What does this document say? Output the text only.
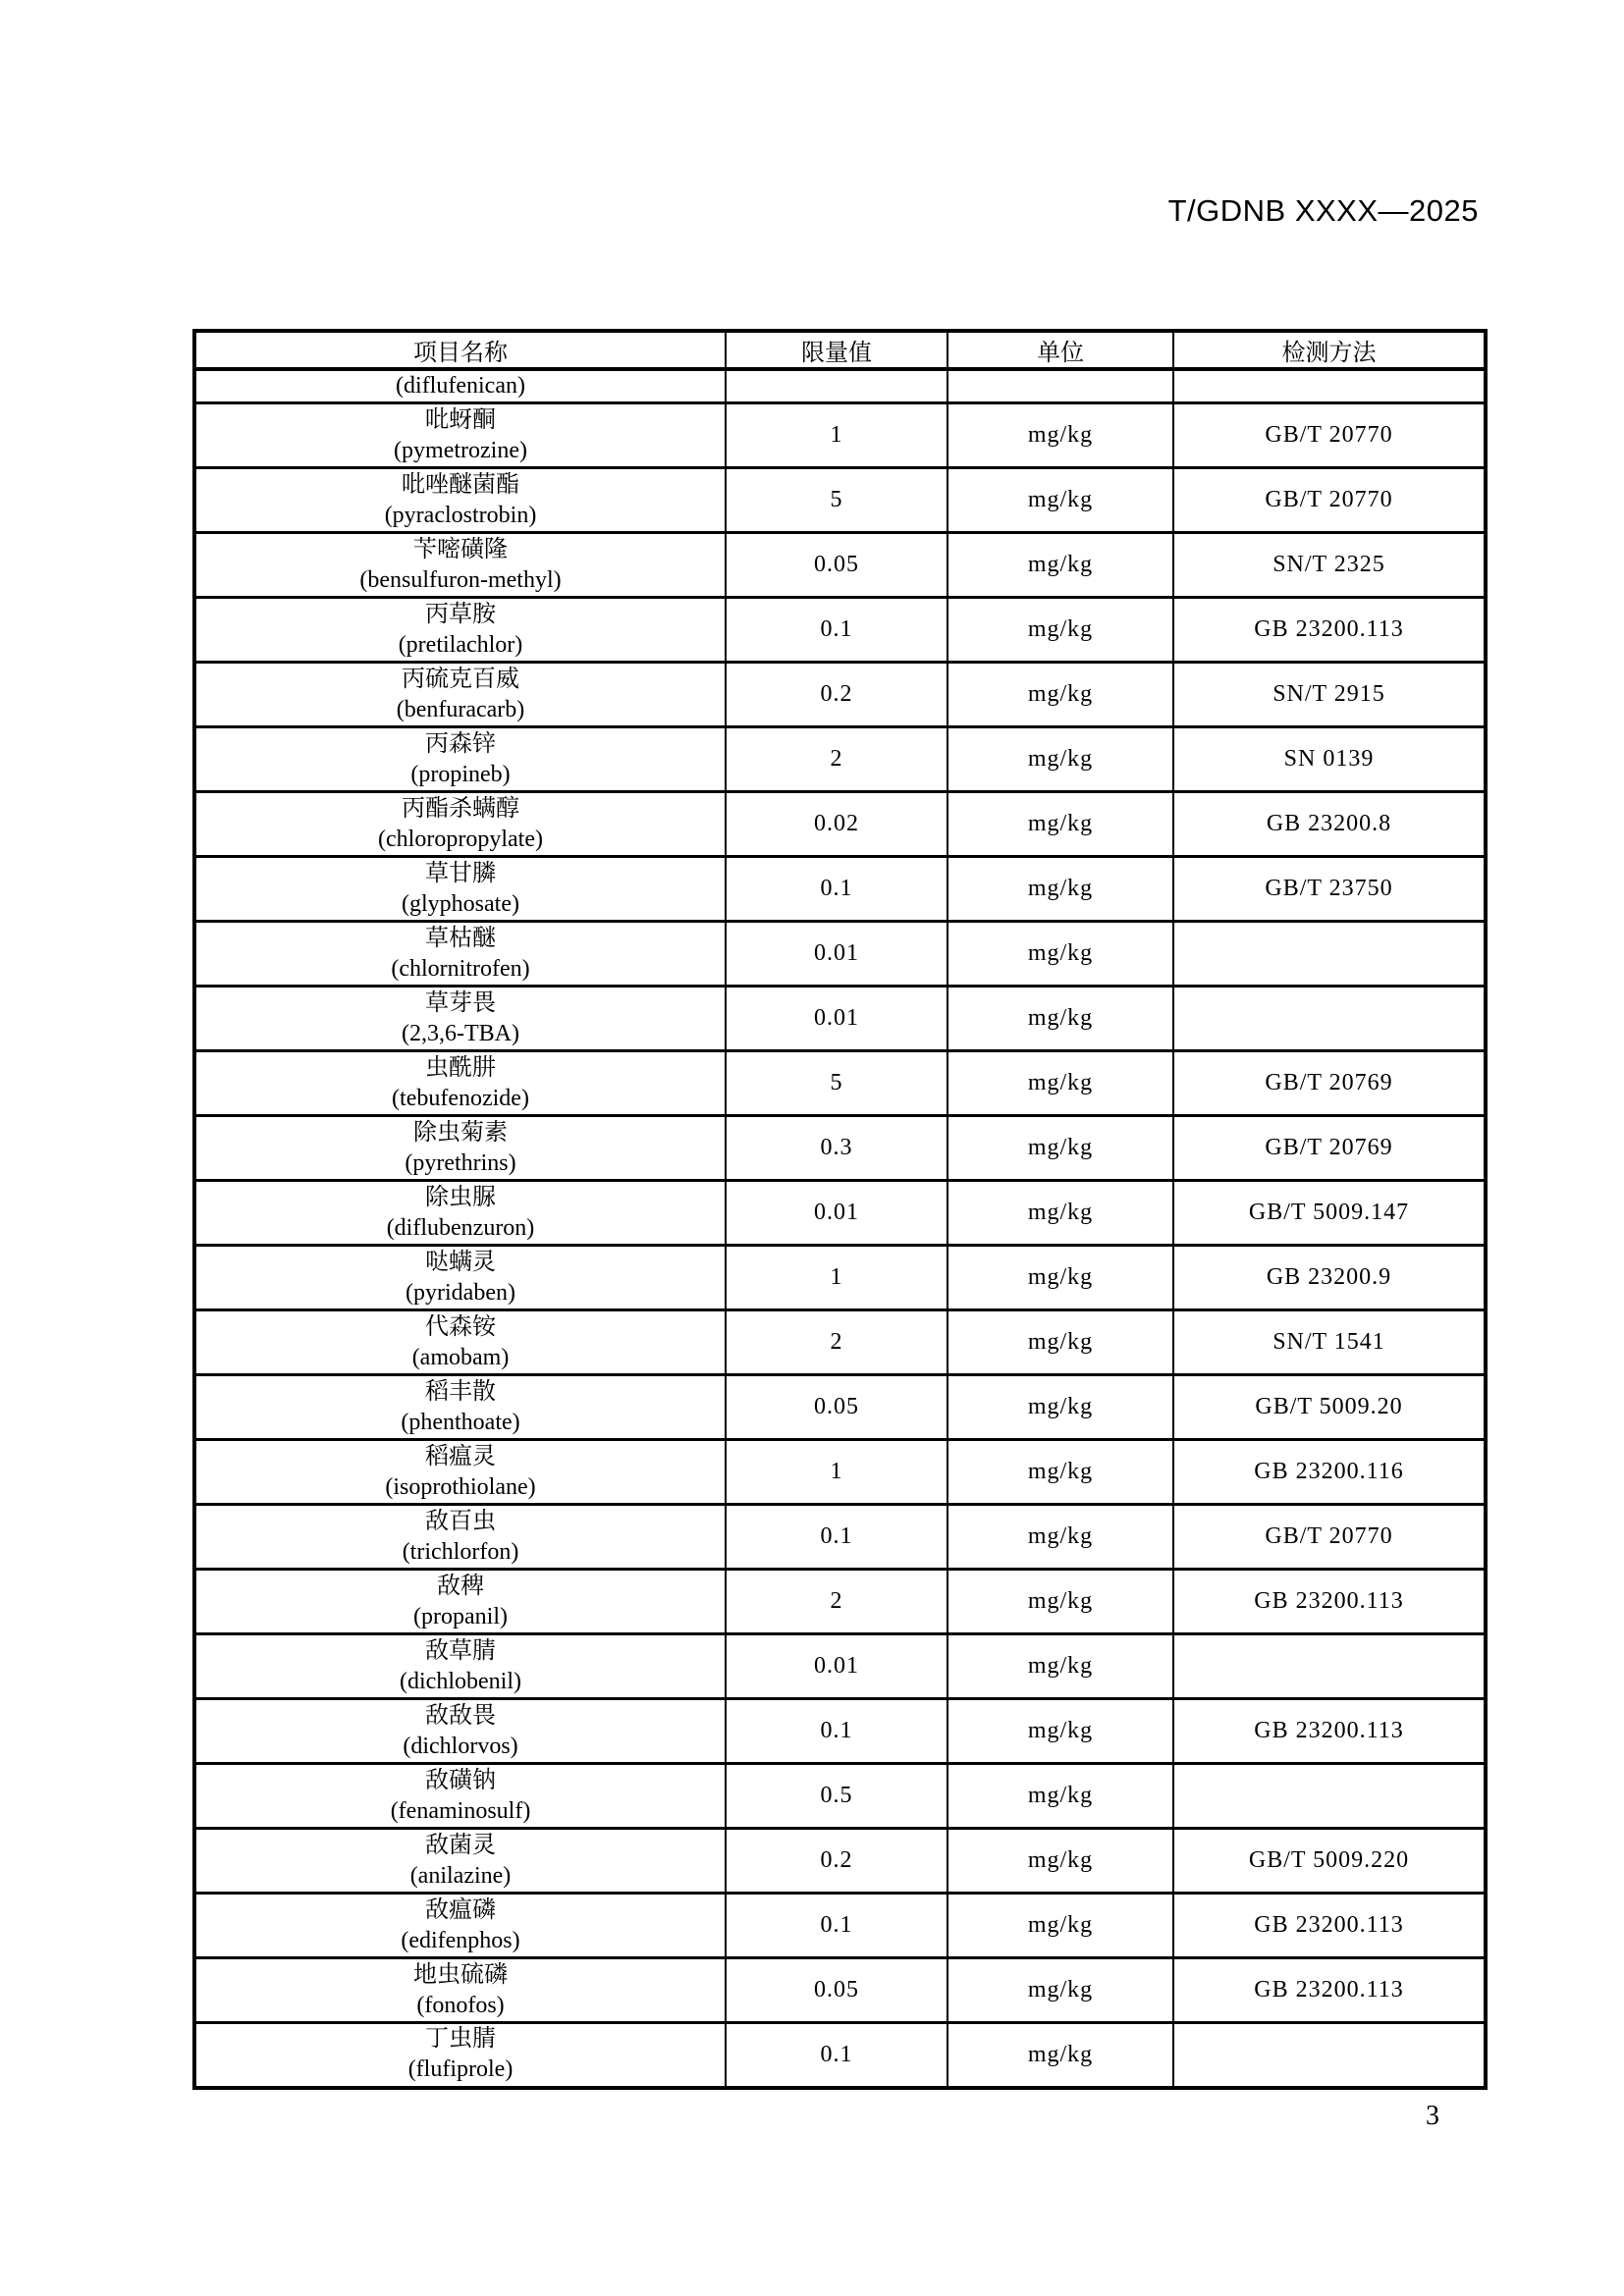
T/GDNB XXXX—2025
项目名称	限量值	单位	检测方法

(diflufenican)			

吡蚜酮
(pymetrozine)	1	mg/kg	GB/T 20770

吡唑醚菌酯
(pyraclostrobin)	5	mg/kg	GB/T 20770

苄嘧磺隆
(bensulfuron-methyl)	0.05	mg/kg	SN/T 2325

丙草胺
(pretilachlor)	0.1	mg/kg	GB 23200.113

丙硫克百威
(benfuracarb)	0.2	mg/kg	SN/T 2915

丙森锌
(propineb)	2	mg/kg	SN 0139

丙酯杀螨醇
(chloropropylate)	0.02	mg/kg	GB 23200.8

草甘膦
(glyphosate)	0.1	mg/kg	GB/T 23750

草枯醚
(chlornitrofen)	0.01	mg/kg	

草芽畏
(2,3,6-TBA)	0.01	mg/kg	

虫酰肼
(tebufenozide)	5	mg/kg	GB/T 20769

除虫菊素
(pyrethrins)	0.3	mg/kg	GB/T 20769

除虫脲
(diflubenzuron)	0.01	mg/kg	GB/T 5009.147

哒螨灵
(pyridaben)	1	mg/kg	GB 23200.9

代森铵
(amobam)	2	mg/kg	SN/T 1541

稻丰散
(phenthoate)	0.05	mg/kg	GB/T 5009.20

稻瘟灵
(isoprothiolane)	1	mg/kg	GB 23200.116

敌百虫
(trichlorfon)	0.1	mg/kg	GB/T 20770

敌稗
(propanil)	2	mg/kg	GB 23200.113

敌草腈
(dichlobenil)	0.01	mg/kg	

敌敌畏
(dichlorvos)	0.1	mg/kg	GB 23200.113

敌磺钠
(fenaminosulf)	0.5	mg/kg	

敌菌灵
(anilazine)	0.2	mg/kg	GB/T 5009.220

敌瘟磷
(edifenphos)	0.1	mg/kg	GB 23200.113

地虫硫磷
(fonofos)	0.05	mg/kg	GB 23200.113

丁虫腈
(flufiprole)	0.1	mg/kg	
3
